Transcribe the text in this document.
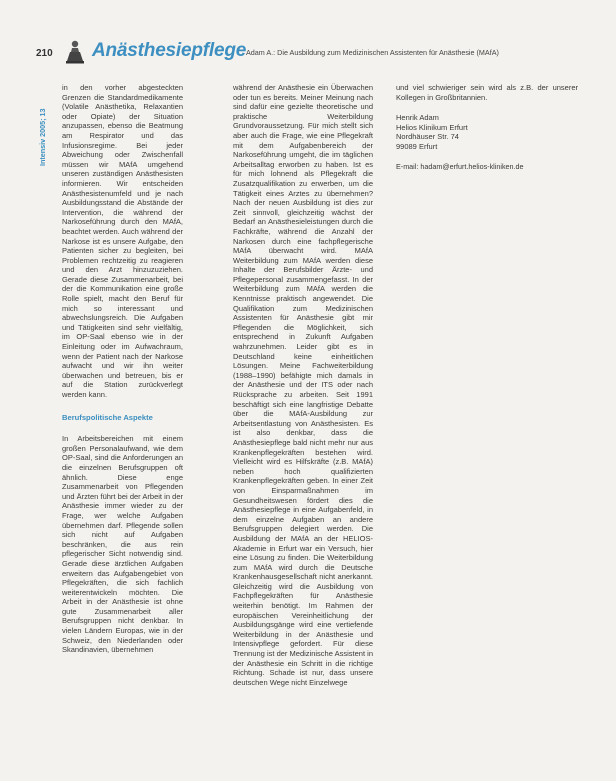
210 Anästhesiepflege Adam A.: Die Ausbildung zum Medizinischen Assistenten für Anästhesie (MAfA)
Intensiv 2005; 13

in den vorher abgesteckten Grenzen die Standardmedikamente (Volatile Anästhetika, Relaxantien oder Opiate) der Situation anzupassen, ebenso die Beatmung am Respirator und das Infusionsregime. Bei jeder Abweichung oder Zwischenfall müssen wir MAfA umgehend unseren zuständigen Anästhesisten informieren. Wir entscheiden Anästhesistenumfeld und je nach Ausbildungsstand die Abstände der Intervention, die während der Narkoseführung durch den MAfA, beachtet werden. Auch während der Narkose ist es unsere Aufgabe, den Patienten sicher zu begleiten, bei Problemen rechtzeitig zu reagieren und den Arzt hinzuzuziehen. Gerade diese Zusammenarbeit, bei der die Kommunikation eine große Rolle spielt, macht den Beruf für mich so interessant und abwechslungsreich. Die Aufgaben und Tätigkeiten sind sehr vielfältig, im OP-Saal ebenso wie in der Einleitung oder im Aufwachraum, wenn der Patient nach der Narkose aufwacht und wir ihn weiter überwachen und betreuen, bis er auf die Station zurückverlegt werden kann.

Berufspolitische Aspekte

In Arbeitsbereichen mit einem großen Personalaufwand, wie dem OP-Saal, sind die Anforderungen an die einzelnen Berufsgruppen oft ähnlich. Diese enge Zusammenarbeit von Pflegenden und Ärzten führt bei der Arbeit in der Anästhesie immer wieder zu der Frage, wer welche Aufgaben übernehmen darf. Pflegende sollen sich nicht auf Aufgaben beschränken, die aus rein pflegerischer Sicht notwendig sind. Gerade diese ärztlichen Aufgaben erweitern das Aufgabengebiet von Pflegekräften, die sich fachlich weiterentwickeln möchten. Die Arbeit in der Anästhesie ist ohne gute Zusammenarbeit aller Berufsgruppen nicht denkbar. In vielen Ländern Europas, wie in der Schweiz, den Niederlanden oder Skandinavien, übernehmen

während der Anästhesie ein Überwachen oder tun es bereits. Meiner Meinung nach sind dafür eine gezielte theoretische und praktische Weiterbildung Grundvoraussetzung. Für mich stellt sich aber auch die Frage, wie eine Pflegekraft mit dem Aufgabenbereich der Narkoseführung umgeht, die im täglichen Arbeitsalltag erworben zu haben. Ist es für mich lohnend als Pflegekraft die Zusatzqualifikation zu erwerben, um die Tätigkeit eines Arztes zu übernehmen? Nach der neuen Ausbildung ist dies zur Zeit sinnvoll, gleichzeitig wächst der Bedarf an Anästhesieleistungen durch die Fachkräfte, während die Anzahl der Narkosen durch eine fachpflegerische MAfA überwacht wird. MAfA Weiterbildung zum MAfA werden diese Inhalte der Berufsbilder Ärzte- und Pflegepersonal zusammengefasst. In der Weiterbildung zum MAfA werden die Kenntnisse praktisch angewendet. Die Qualifikation zum Medizinischen Assistenten für Anästhesie gibt mir Pflegenden die Möglichkeit, sich entsprechend in Zukunft Aufgaben wahrzunehmen. Leider gibt es in Deutschland keine einheitlichen Lösungen. Meine Fachweiterbildung (1988–1990) befähigte mich damals in der Anästhesie und der ITS oder nach Rücksprache zu arbeiten. Seit 1991 beschäftigt sich eine langfristige Debatte über die MAfA-Ausbildung zur Arbeitsentlastung von Anästhesisten. Es ist also denkbar, dass die Anästhesiepflege bald nicht mehr nur aus Krankenpflegekräften bestehen wird. Vielleicht wird es Hilfskräfte (z.B. MAfA) neben hoch qualifizierten Krankenpflegekräften geben. In einer Zeit von Einsparmaßnahmen im Gesundheitswesen fördert dies die Anästhesiepflege in eine Aufgabenfeld, in dem einzelne Aufgaben an andere Berufsgruppen delegiert werden. Die Ausbildung der MAfA an der HELIOS-Akademie in Erfurt war ein Versuch, hier eine Lösung zu finden. Die Weiterbildung zum MAfA wird durch die Deutsche Krankenhausgesellschaft nicht anerkannt. Gleichzeitig wird die Ausbildung von Fachpflegekräften für Anästhesie weiterhin benötigt. Im Rahmen der europäischen Vereinheitlichung der Ausbildungsgänge wird eine vertiefende Weiterbildung in der Anästhesie und Intensivpflege gefordert. Für diese Trennung ist der Medizinische Assistent in der Anästhesie ein Schritt in die richtige Richtung. Schade ist nur, dass unsere deutschen Wege nicht Einzelwege

und viel schwieriger sein wird als z.B. der unserer Kollegen in Großbritannien.

Henrik Adam
Helios Klinikum Erfurt
Nordhäuser Str. 74
99089 Erfurt
E-mail: hadam@erfurt.helios-kliniken.de
